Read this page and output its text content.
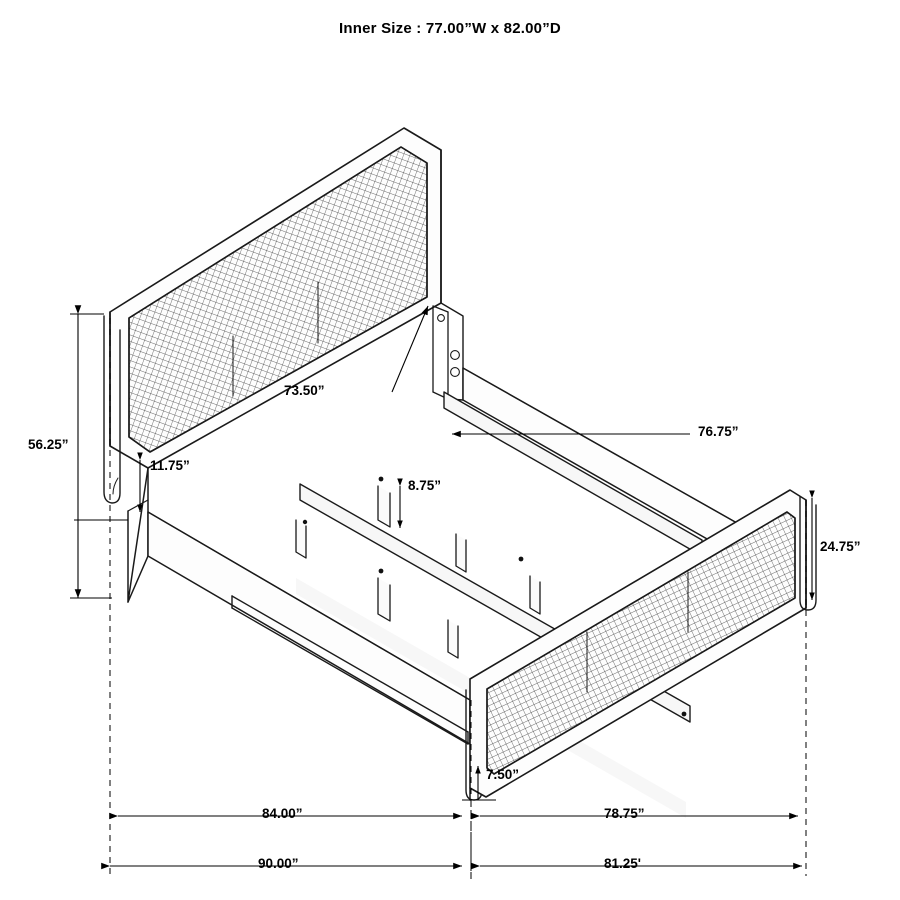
Inner Size : 77.00”W x 82.00”D
56.25”
11.75”
73.50”
8.75”
76.75”
24.75”
7.50”
84.00”	78.75”
90.00”	81.25'
